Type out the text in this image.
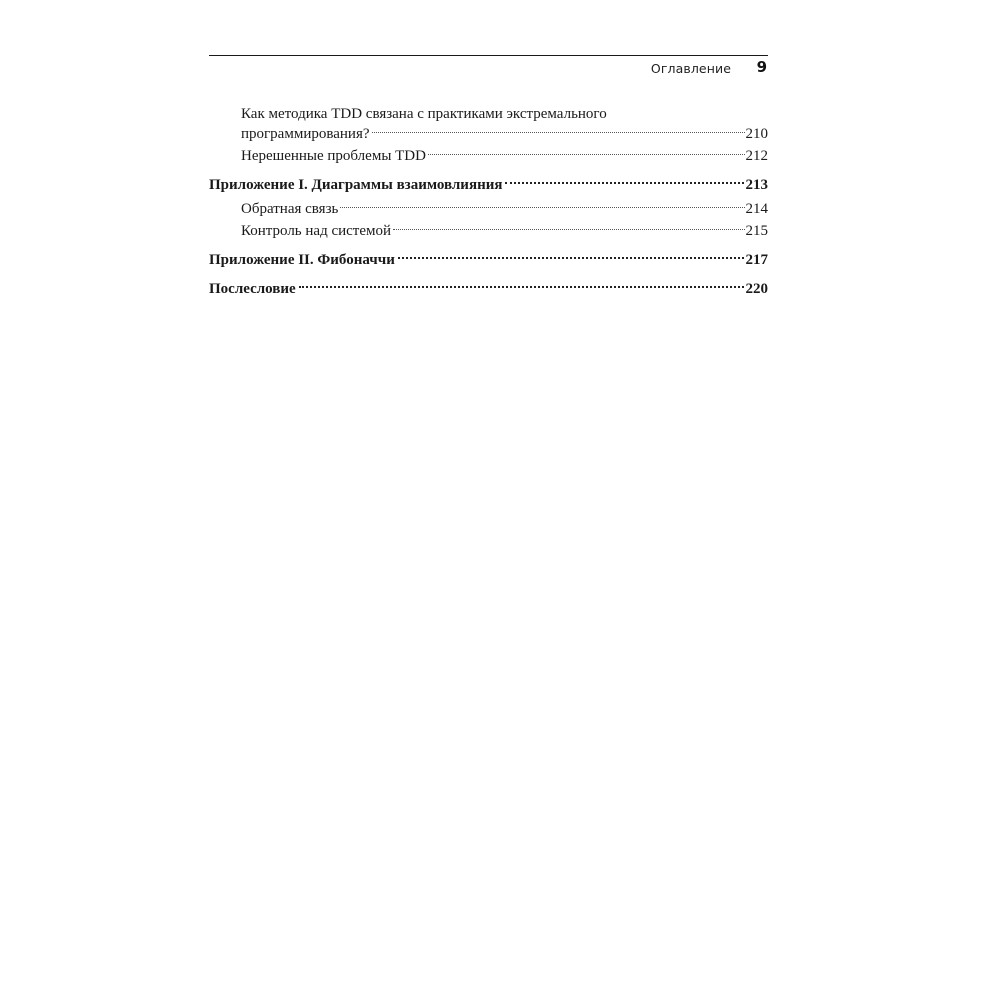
Оглавление 9
Как методика TDD связана с практиками экстремального
программирования?	210
Нерешенные проблемы TDD	212
Приложение I. Диаграммы взаимовлияния	213
Обратная связь	214
Контроль над системой	215
Приложение II. Фибоначчи	217
Послесловие	220
